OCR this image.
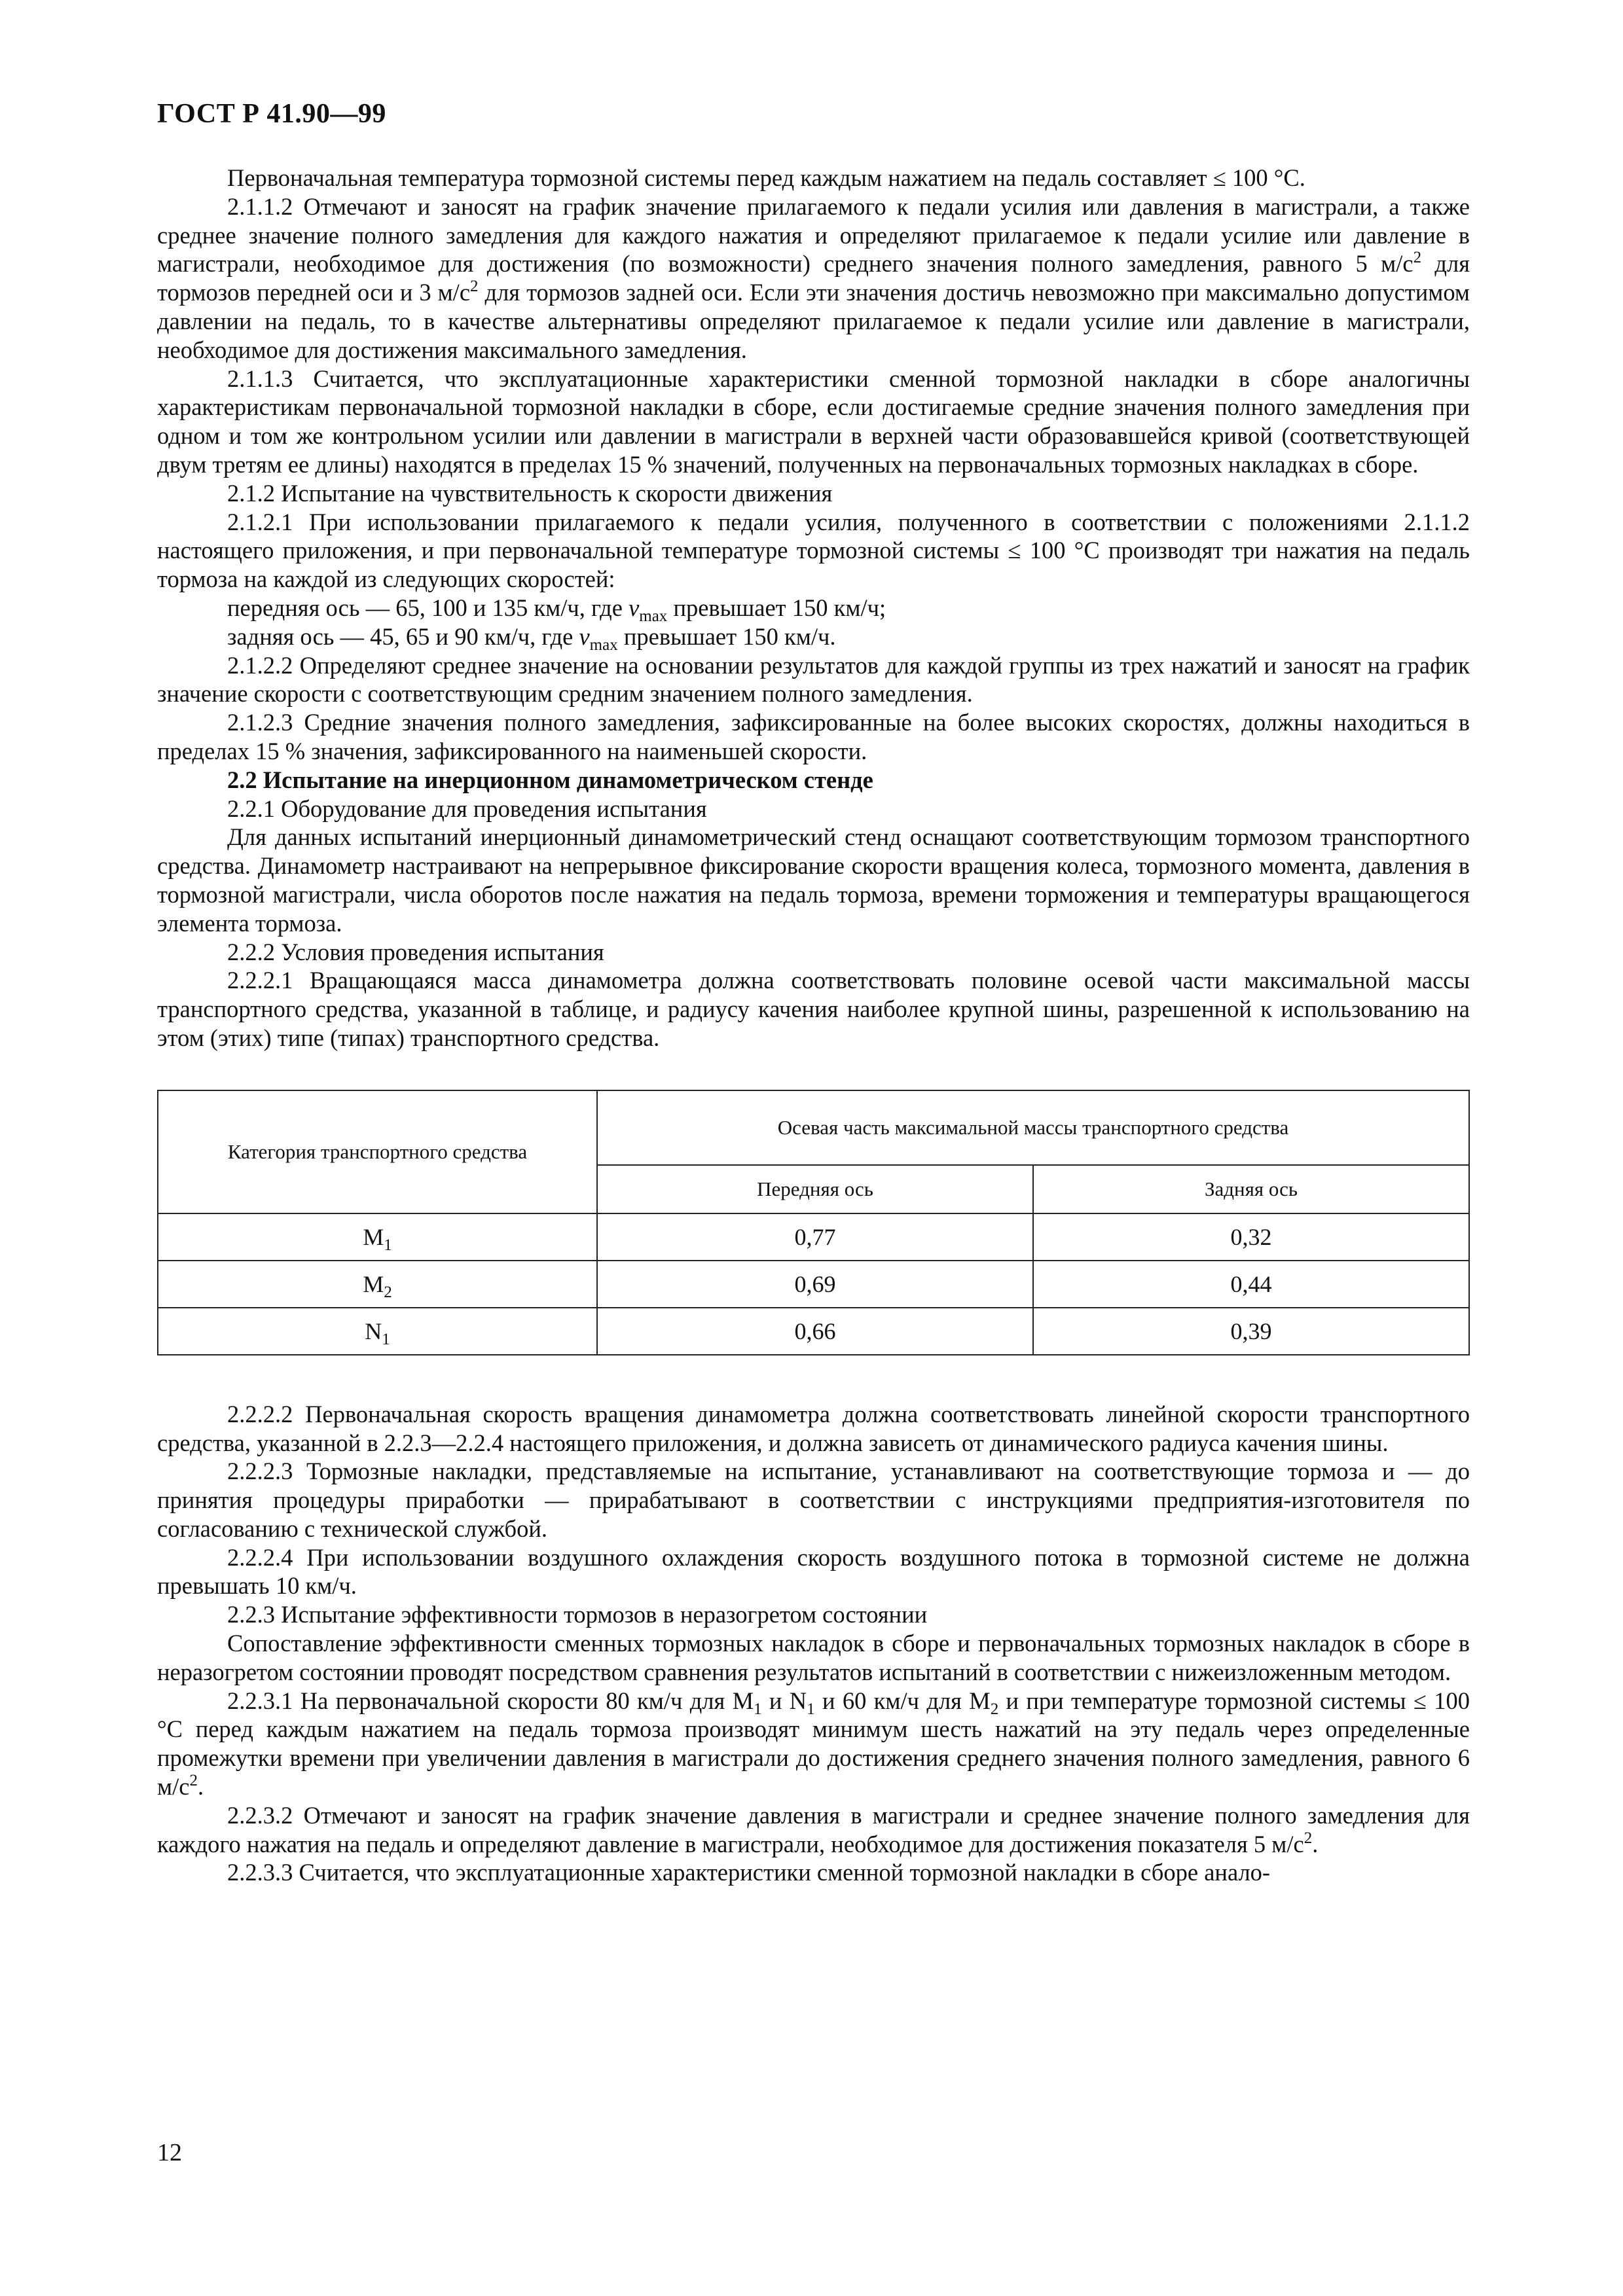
ГОСТ Р 41.90—99

Первоначальная температура тормозной системы перед каждым нажатием на педаль составляет ≤ 100 °С.

2.1.1.2 Отмечают и заносят на график значение прилагаемого к педали усилия или давления в магистрали, а также среднее значение полного замедления для каждого нажатия и определяют прилагаемое к педали усилие или давление в магистрали, необходимое для достижения (по возможности) среднего значения полного замедления, равного 5 $м/с^2$ для тормозов передней оси и 3 $м/с^2$ для тормозов задней оси. Если эти значения достичь невозможно при максимально допустимом давлении на педаль, то в качестве альтернативы определяют прилагаемое к педали усилие или давление в магистрали, необходимое для достижения максимального замедления.

2.1.1.3 Считается, что эксплуатационные характеристики сменной тормозной накладки в сборе аналогичны характеристикам первоначальной тормозной накладки в сборе, если достигаемые средние значения полного замедления при одном и том же контрольном усилии или давлении в магистрали в верхней части образовавшейся кривой (соответствующей двум третям ее длины) находятся в пределах 15 % значений, полученных на первоначальных тормозных накладках в сборе.

2.1.2 Испытание на чувствительность к скорости движения

2.1.2.1 При использовании прилагаемого к педали усилия, полученного в соответствии с положениями 2.1.1.2 настоящего приложения, и при первоначальной температуре тормозной системы ≤ 100 °С производят три нажатия на педаль тормоза на каждой из следующих скоростей:

передняя ось — 65, 100 и 135 км/ч, где $v_{max}$ превышает 150 км/ч;

задняя ось — 45, 65 и 90 км/ч, где $v_{max}$ превышает 150 км/ч.

2.1.2.2 Определяют среднее значение на основании результатов для каждой группы из трех нажатий и заносят на график значение скорости с соответствующим средним значением полного замедления.

2.1.2.3 Средние значения полного замедления, зафиксированные на более высоких скоростях, должны находиться в пределах 15 % значения, зафиксированного на наименьшей скорости.

2.2 Испытание на инерционном динамометрическом стенде

2.2.1 Оборудование для проведения испытания

Для данных испытаний инерционный динамометрический стенд оснащают соответствующим тормозом транспортного средства. Динамометр настраивают на непрерывное фиксирование скорости вращения колеса, тормозного момента, давления в тормозной магистрали, числа оборотов после нажатия на педаль тормоза, времени торможения и температуры вращающегося элемента тормоза.

2.2.2 Условия проведения испытания

2.2.2.1 Вращающаяся масса динамометра должна соответствовать половине осевой части максимальной массы транспортного средства, указанной в таблице, и радиусу качения наиболее крупной шины, разрешенной к использованию на этом (этих) типе (типах) транспортного средства.

Категория транспортного средства	Осевая часть максимальной массы транспортного средства	
	Передняя ось	Задняя ось
$M_1$	0,77	0,32
$M_2$	0,69	0,44
$N_1$	0,66	0,39

2.2.2.2 Первоначальная скорость вращения динамометра должна соответствовать линейной скорости транспортного средства, указанной в 2.2.3—2.2.4 настоящего приложения, и должна зависеть от динамического радиуса качения шины.

2.2.2.3 Тормозные накладки, представляемые на испытание, устанавливают на соответствующие тормоза и — до принятия процедуры приработки — прирабатывают в соответствии с инструкциями предприятия-изготовителя по согласованию с технической службой.

2.2.2.4 При использовании воздушного охлаждения скорость воздушного потока в тормозной системе не должна превышать 10 км/ч.

2.2.3 Испытание эффективности тормозов в неразогретом состоянии

Сопоставление эффективности сменных тормозных накладок в сборе и первоначальных тормозных накладок в сборе в неразогретом состоянии проводят посредством сравнения результатов испытаний в соответствии с нижеизложенным методом.

2.2.3.1 На первоначальной скорости 80 км/ч для $M_1$ и $N_1$ и 60 км/ч для $M_2$ и при температуре тормозной системы ≤ 100 °С перед каждым нажатием на педаль тормоза производят минимум шесть нажатий на эту педаль через определенные промежутки времени при увеличении давления в магистрали до достижения среднего значения полного замедления, равного 6 $м/с^2$.

2.2.3.2 Отмечают и заносят на график значение давления в магистрали и среднее значение полного замедления для каждого нажатия на педаль и определяют давление в магистрали, необходимое для достижения показателя 5 $м/с^2$.

2.2.3.3 Считается, что эксплуатационные характеристики сменной тормозной накладки в сборе анало-

12
